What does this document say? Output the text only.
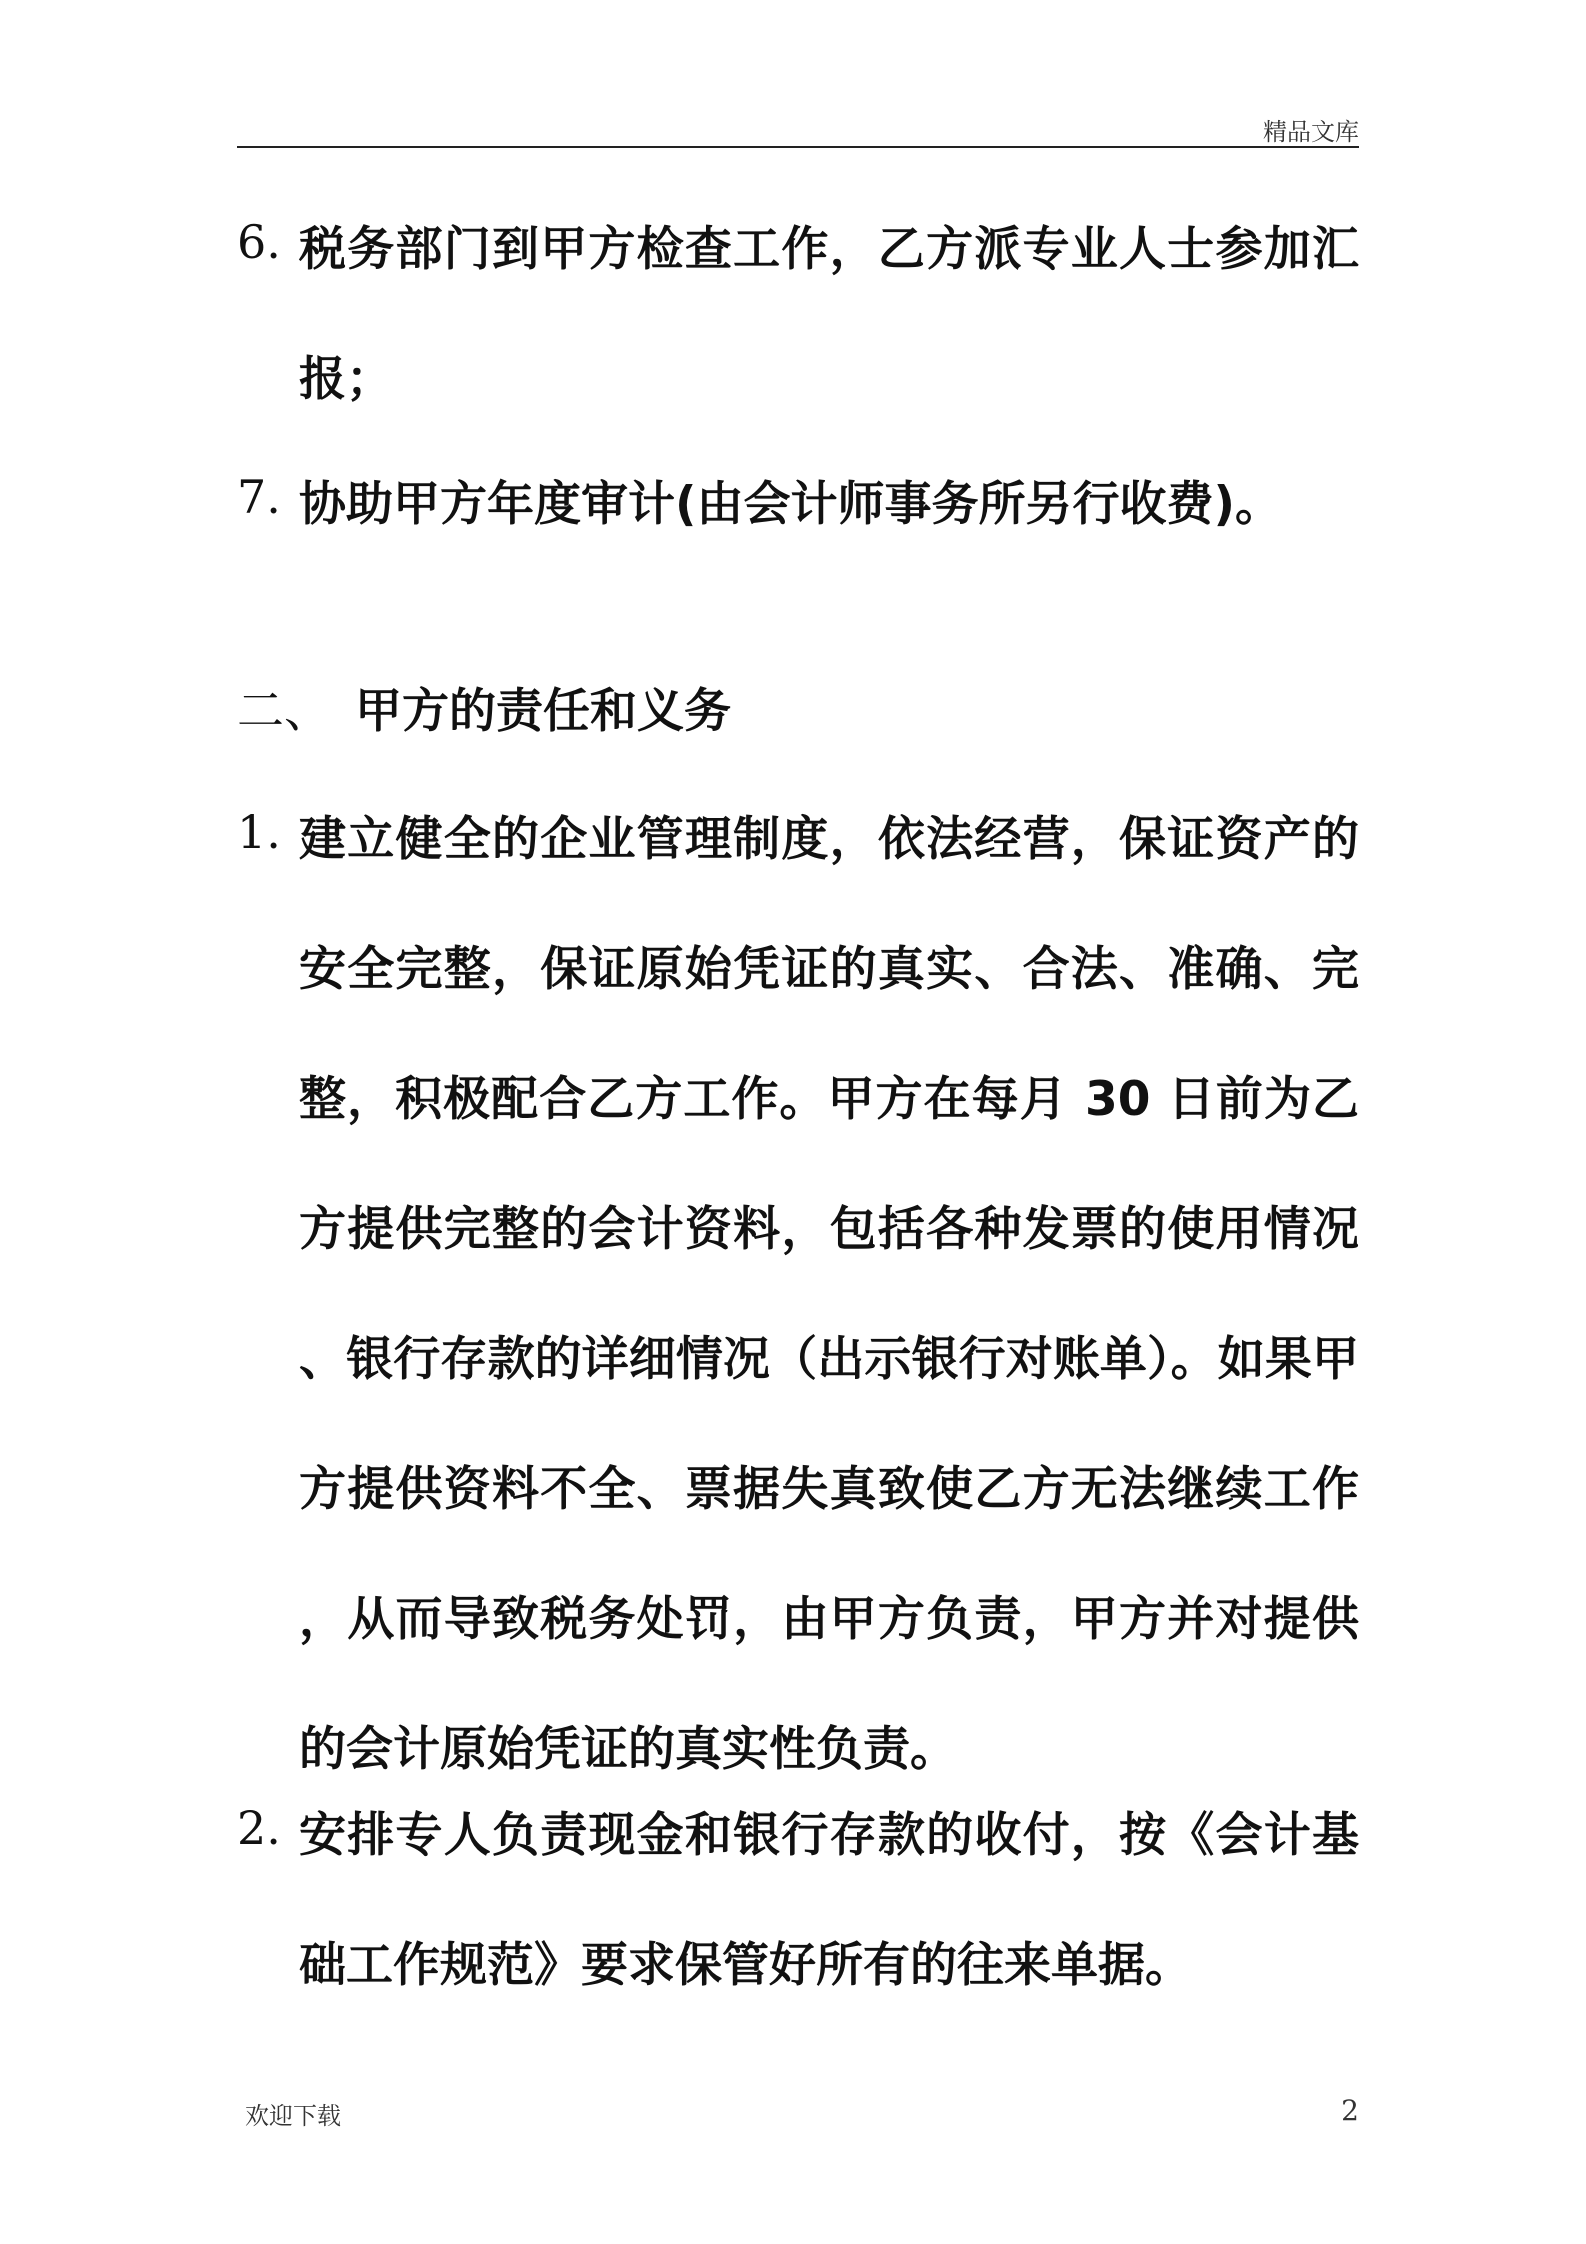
精品文库
6. 税务部门到甲方检查工作，乙方派专业人士参加汇报；

7. 协助甲方年度审计(由会计师事务所另行收费)。

二、 甲方的责任和义务
1. 建立健全的企业管理制度，依法经营，保证资产的安全完整，保证原始凭证的真实、合法、准确、完整，积极配合乙方工作。甲方在每月 30 日前为乙方提供完整的会计资料，包括各种发票的使用情况、银行存款的详细情况（出示银行对账单）。如果甲方提供资料不全、票据失真致使乙方无法继续工作，从而导致税务处罚，由甲方负责，甲方并对提供的会计原始凭证的真实性负责。

2. 安排专人负责现金和银行存款的收付，按《会计基础工作规范》要求保管好所有的往来单据。

欢迎下载	2
